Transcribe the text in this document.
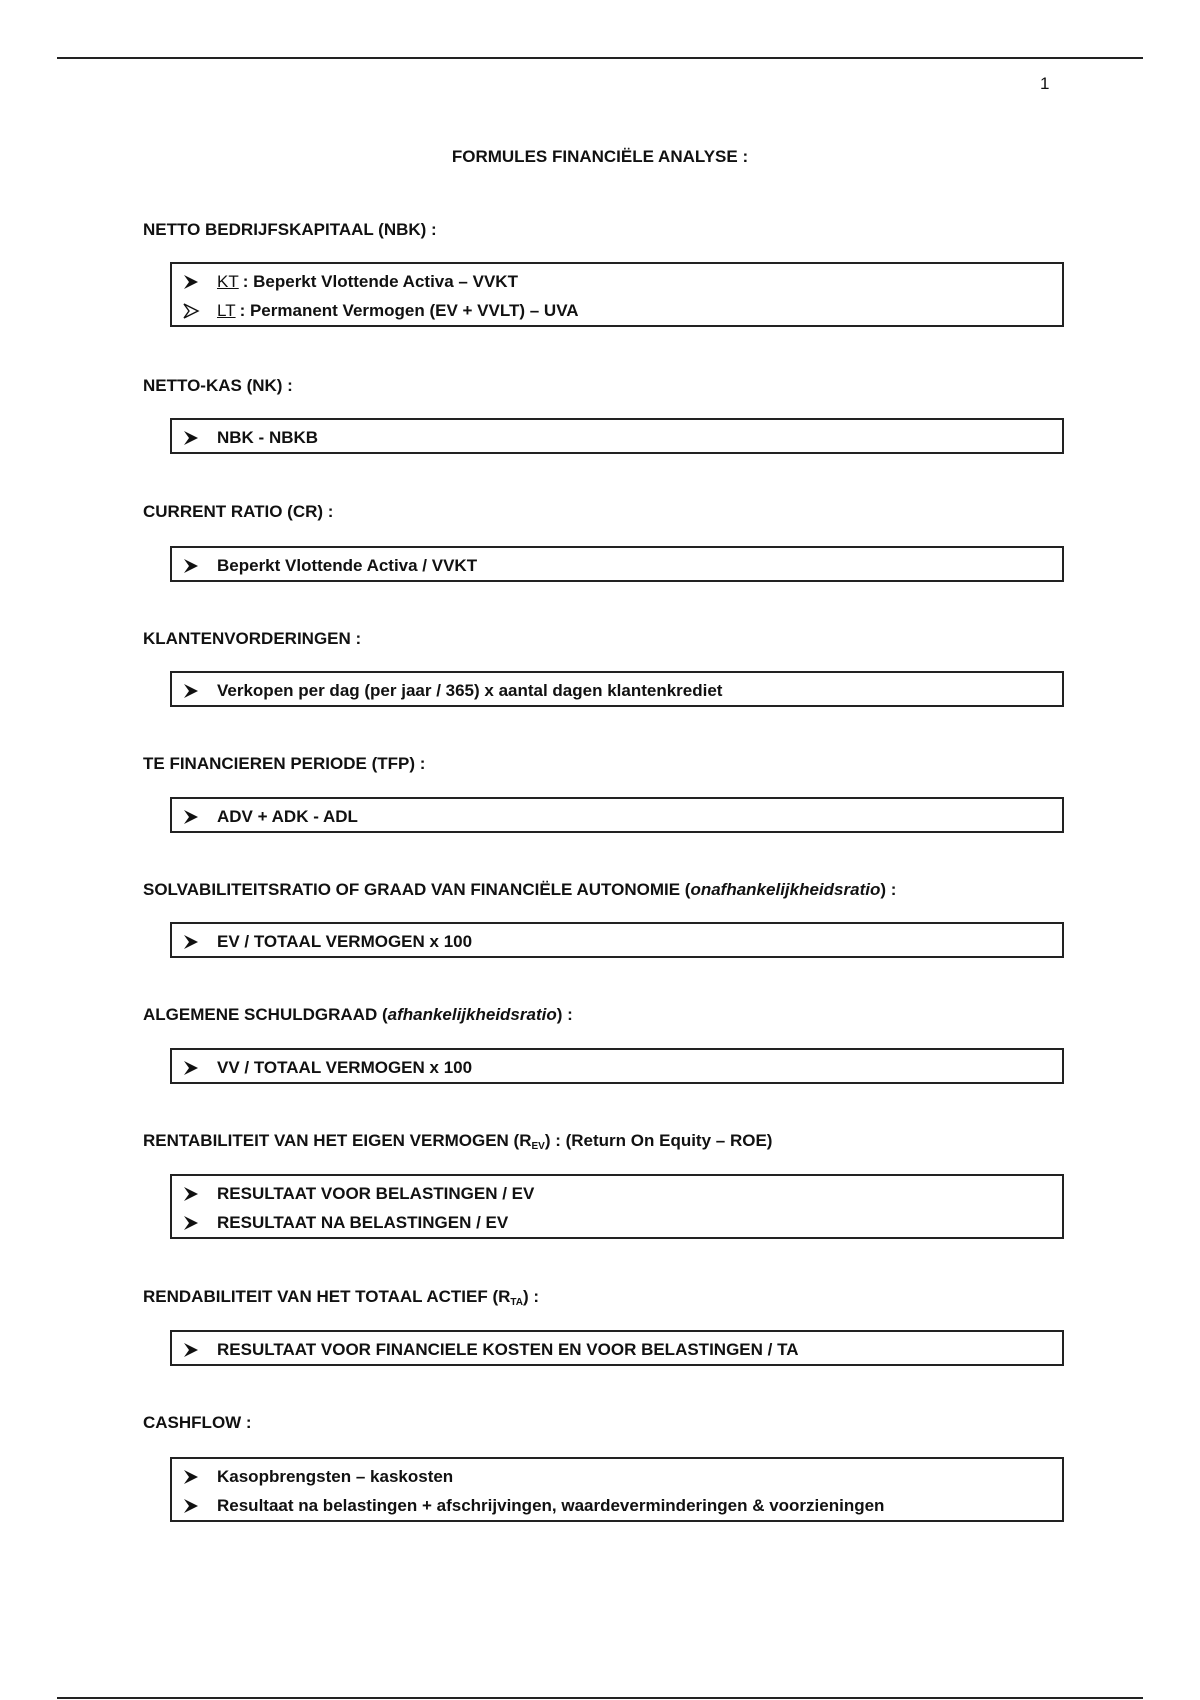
1
FORMULES FINANCIËLE ANALYSE :
NETTO BEDRIJFSKAPITAAL (NBK) :
KT : Beperkt Vlottende Activa – VVKT
LT : Permanent Vermogen (EV + VVLT) – UVA
NETTO-KAS (NK) :
NBK - NBKB
CURRENT RATIO (CR) :
Beperkt Vlottende Activa / VVKT
KLANTENVORDERINGEN :
Verkopen per dag (per jaar / 365) x aantal dagen klantenkrediet
TE FINANCIEREN PERIODE (TFP) :
ADV + ADK - ADL
SOLVABILITEITSRATIO OF GRAAD VAN FINANCIËLE AUTONOMIE (onafhankelijkheidsratio) :
EV / TOTAAL VERMOGEN x 100
ALGEMENE SCHULDGRAAD (afhankelijkheidsratio) :
VV / TOTAAL VERMOGEN x 100
RENTABILITEIT VAN HET EIGEN VERMOGEN $(R_{EV})$ : (Return On Equity – ROE)
RESULTAAT VOOR BELASTINGEN / EV
RESULTAAT NA BELASTINGEN / EV
RENDABILITEIT VAN HET TOTAAL ACTIEF $(R_{TA})$ :
RESULTAAT VOOR FINANCIELE KOSTEN EN VOOR BELASTINGEN / TA
CASHFLOW :
Kasopbrengsten – kaskosten
Resultaat na belastingen + afschrijvingen, waardeverminderingen & voorzieningen
